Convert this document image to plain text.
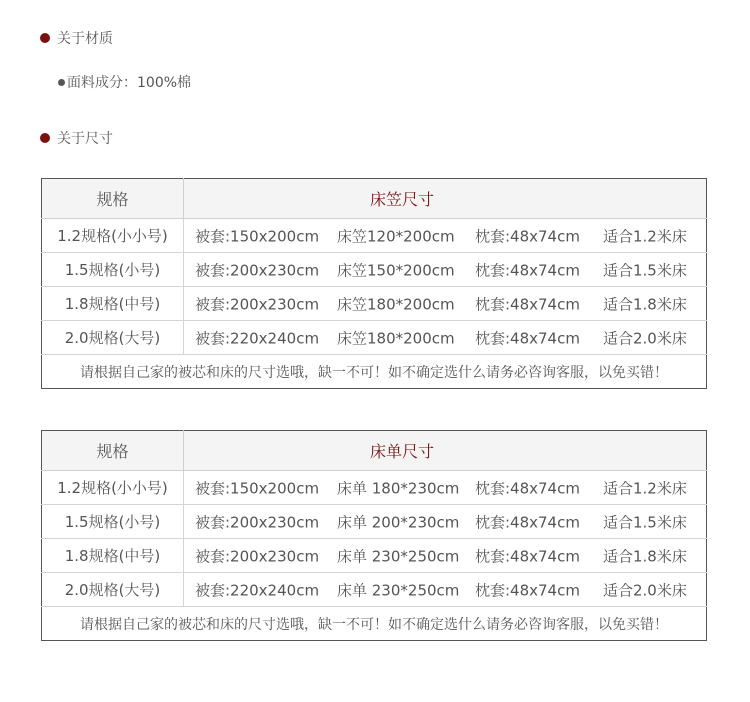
关于材质
面料成分：100%棉
关于尺寸
规格	床笠尺寸
1.2规格(小小号)	被套:150x200cm 床笠120*200cm 枕套:48x74cm 适合1.2米床

1.5规格(小号)	被套:200x230cm 床笠150*200cm 枕套:48x74cm 适合1.5米床

1.8规格(中号)	被套:200x230cm 床笠180*200cm 枕套:48x74cm 适合1.8米床

2.0规格(大号)	被套:220x240cm 床笠180*200cm 枕套:48x74cm 适合2.0米床

请根据自己家的被芯和床的尺寸选哦，缺一不可！如不确定选什么请务必咨询客服，以免买错！	
规格	床单尺寸
1.2规格(小小号)	被套:150x200cm 床单 180*230cm 枕套:48x74cm 适合1.2米床

1.5规格(小号)	被套:200x230cm 床单 200*230cm 枕套:48x74cm 适合1.5米床

1.8规格(中号)	被套:200x230cm 床单 230*250cm 枕套:48x74cm 适合1.8米床

2.0规格(大号)	被套:220x240cm 床单 230*250cm 枕套:48x74cm 适合2.0米床

请根据自己家的被芯和床的尺寸选哦，缺一不可！如不确定选什么请务必咨询客服，以免买错！	
